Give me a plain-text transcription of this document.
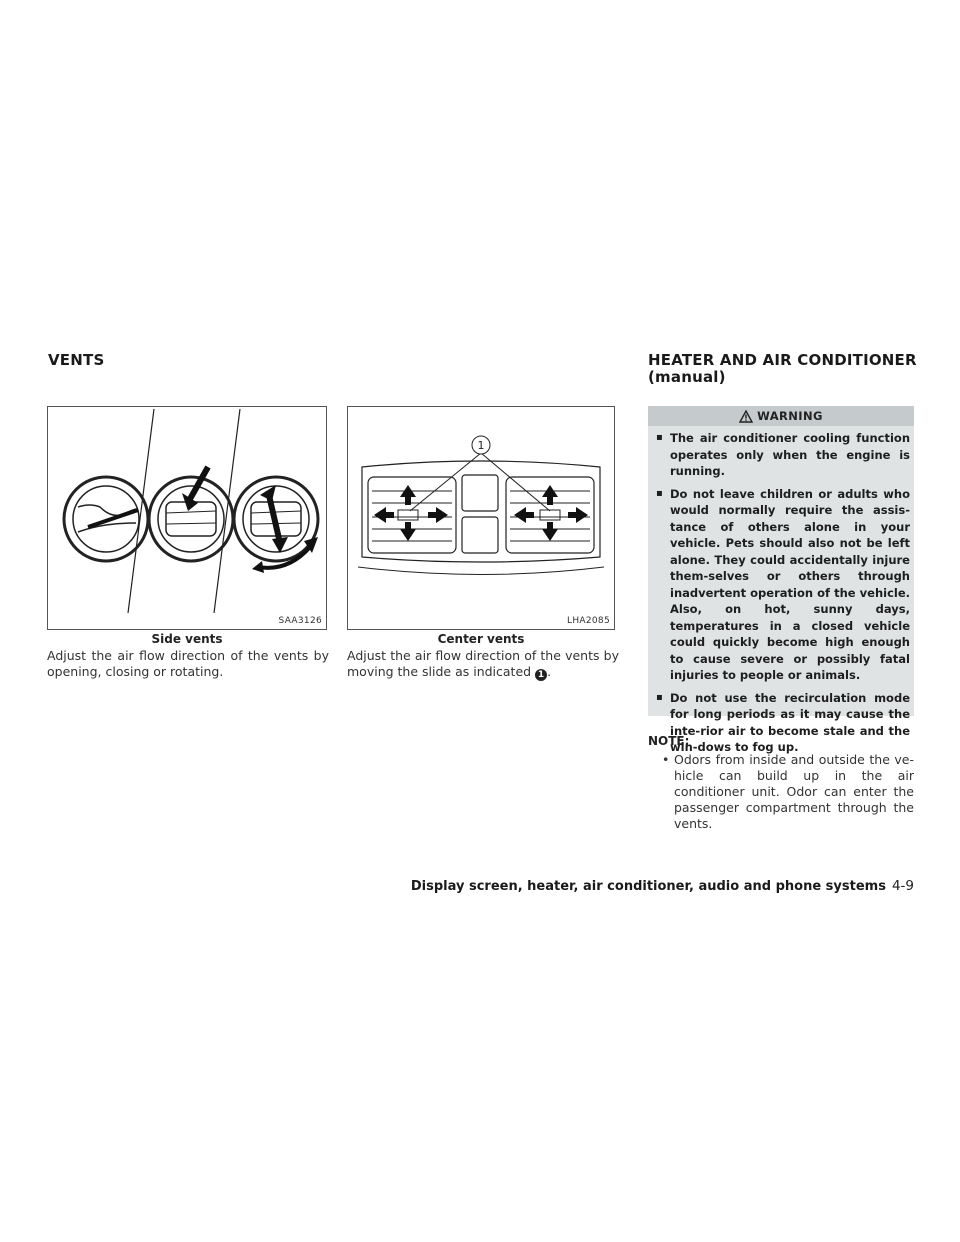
VENTS	HEATER AND AIR CONDITIONER
(manual)
SAA3126
Side vents
1
LHA2085
Center vents
Adjust the air flow direction of the vents by opening, closing or rotating.
Adjust the air flow direction of the vents by moving the slide as indicated 1 .
WARNING
▪ The air conditioner cooling function operates only when the engine is running.
▪ Do not leave children or adults who would normally require the assis-tance of others alone in your vehicle. Pets should also not be left alone. They could accidentally injure them-selves or others through inadvertent operation of the vehicle. Also, on hot, sunny days, temperatures in a closed vehicle could quickly become high enough to cause severe or possibly fatal injuries to people or animals.
▪ Do not use the recirculation mode for long periods as it may cause the inte-rior air to become stale and the win-dows to fog up.
NOTE:
• Odors from inside and outside the ve-hicle can build up in the air conditioner unit. Odor can enter the passenger compartment through the vents.
Display screen, heater, air conditioner, audio and phone systems 4-9
